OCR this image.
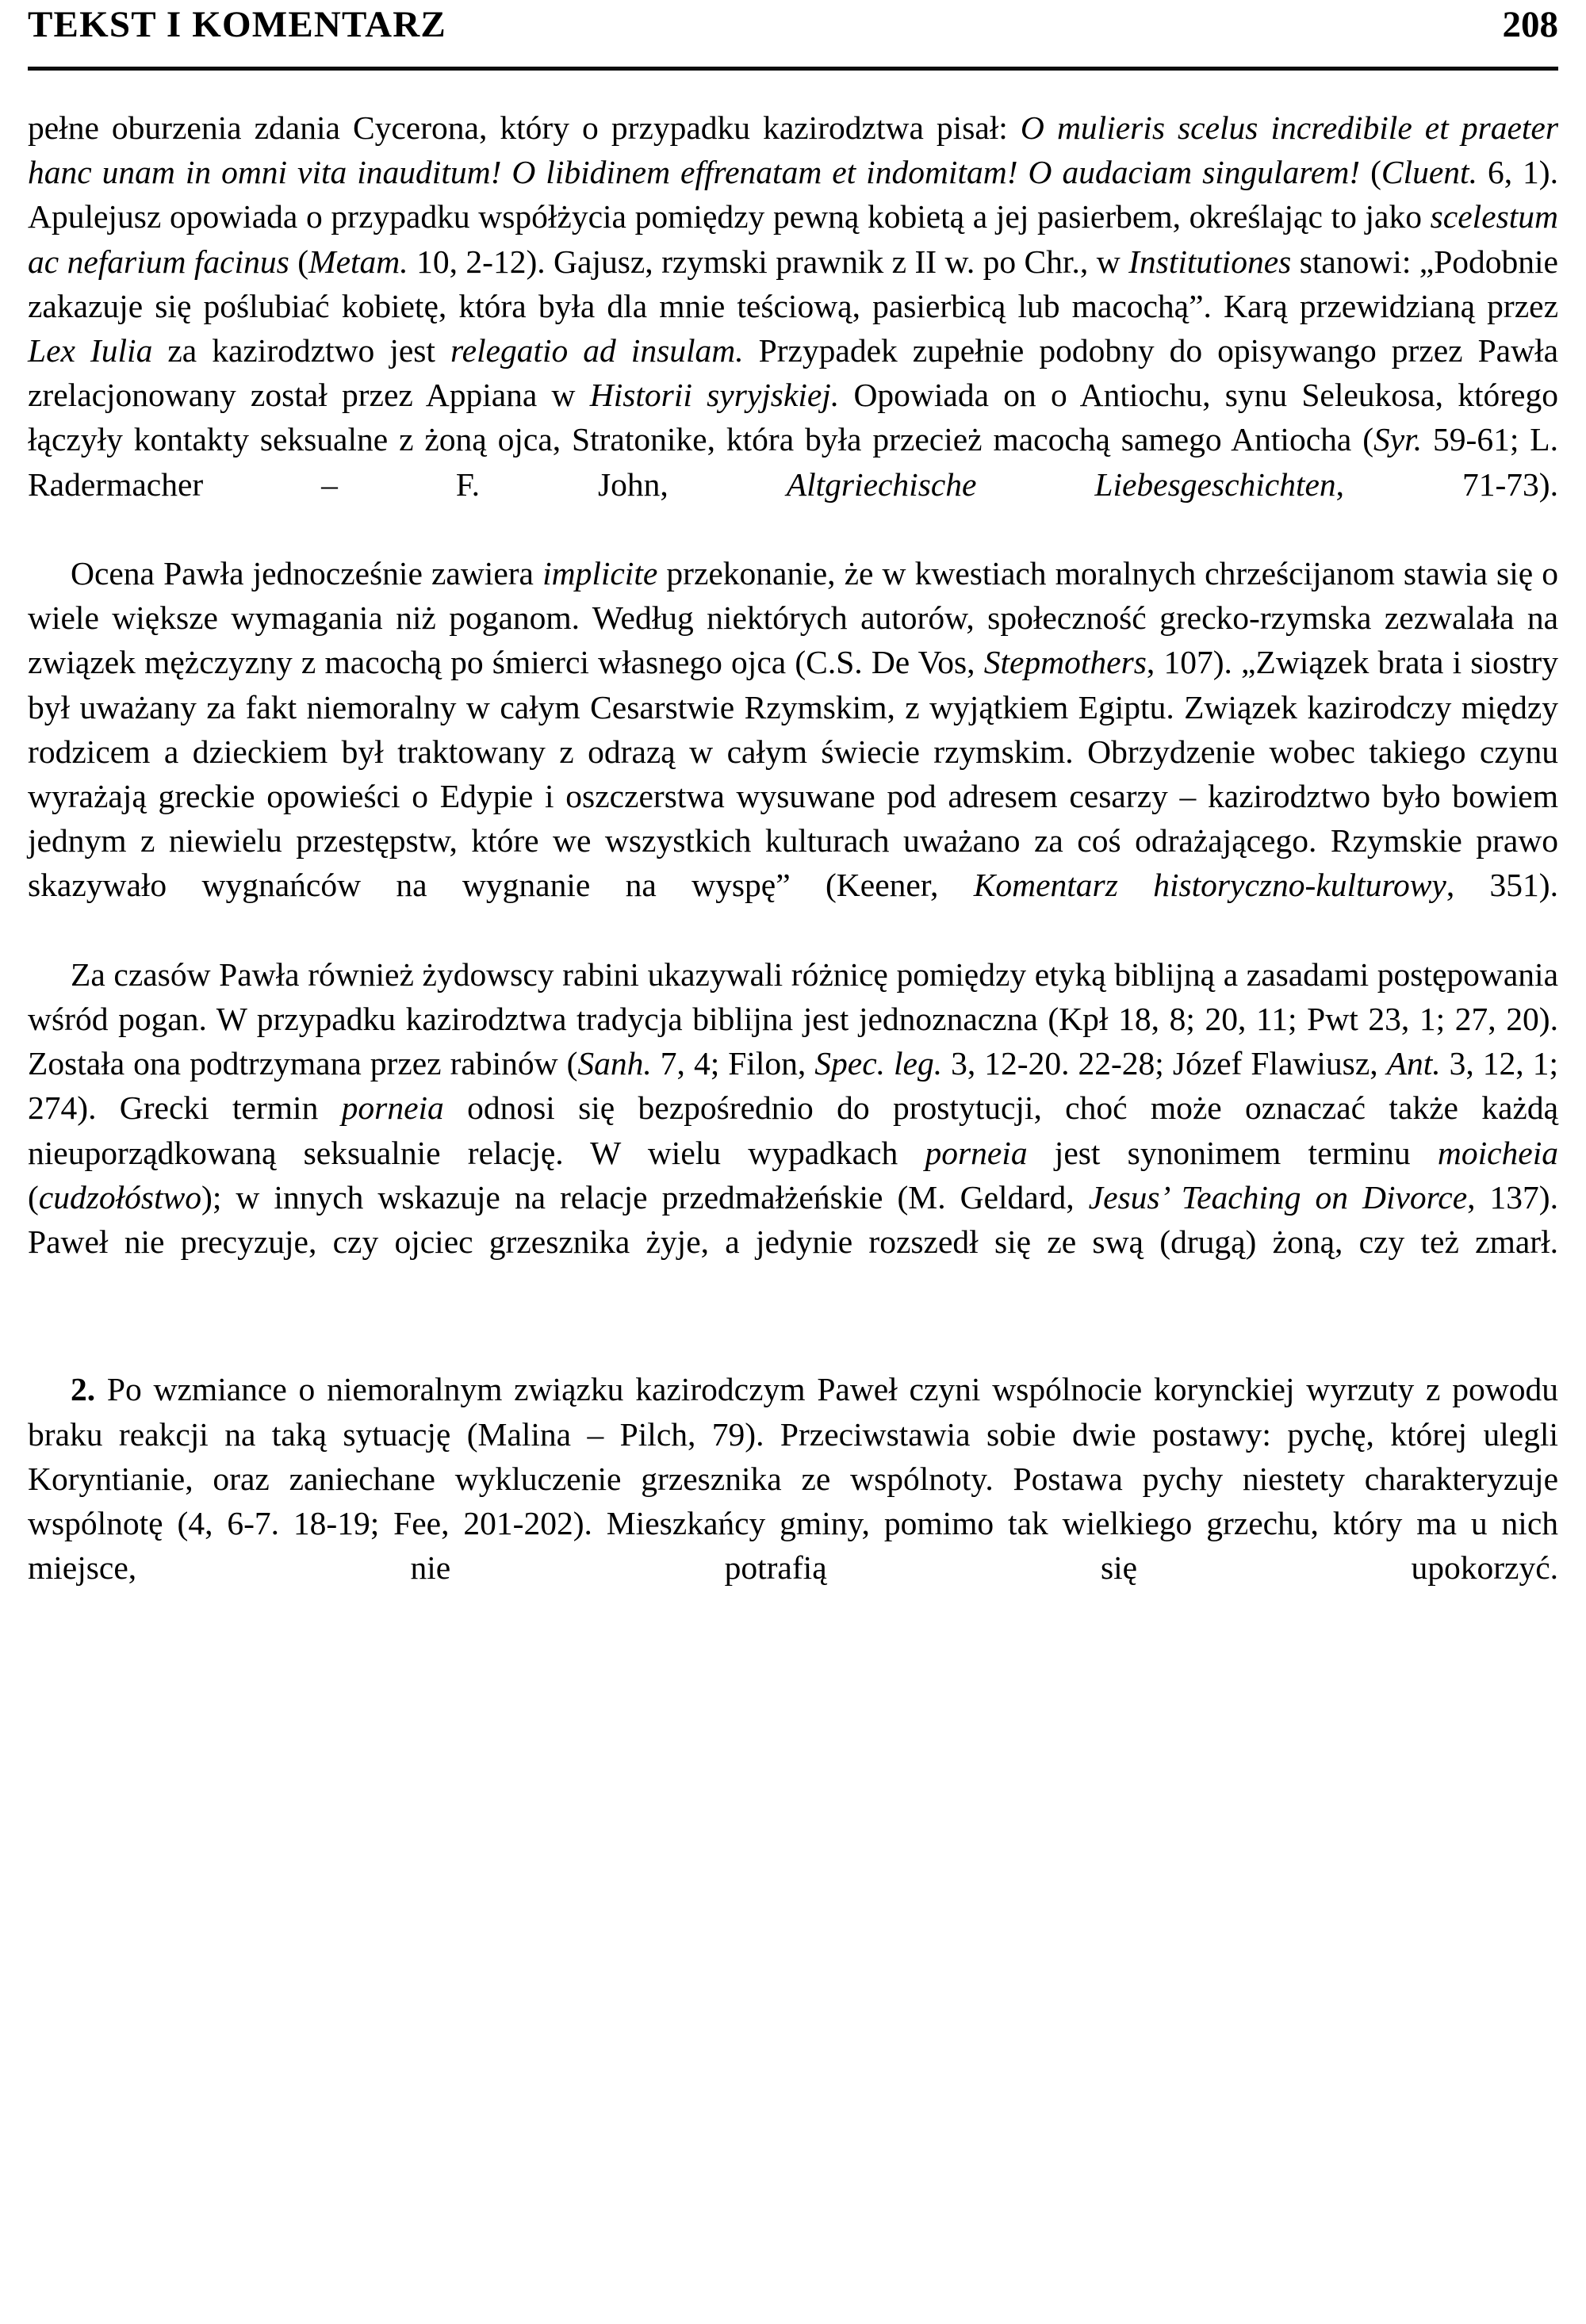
TEKST I KOMENTARZ	208

pełne oburzenia zdania Cycerona, który o przypadku kazirodztwa pisał: O mulieris scelus incredibile et praeter hanc unam in omni vita inauditum! O libidinem effrenatam et indomitam! O audaciam singularem! (Cluent. 6, 1). Apulejusz opowiada o przypadku współżycia pomiędzy pewną kobietą a jej pasierbem, określając to jako scelestum ac nefarium facinus (Metam. 10, 2-12). Gajusz, rzymski prawnik z II w. po Chr., w Institutiones stanowi: „Podobnie zakazuje się poślubiać kobietę, która była dla mnie teściową, pasierbicą lub macochą”. Karą przewidzianą przez Lex Iulia za kazirodztwo jest relegatio ad insulam. Przypadek zupełnie podobny do opisywango przez Pawła zrelacjonowany został przez Appiana w Historii syryjskiej. Opowiada on o Antiochu, synu Seleukosa, którego łączyły kontakty seksualne z żoną ojca, Stratonike, która była przecież macochą samego Antiocha (Syr. 59-61; L. Radermacher – F. John, Altgriechische Liebesgeschichten, 71-73).

Ocena Pawła jednocześnie zawiera implicite przekonanie, że w kwestiach moralnych chrześcijanom stawia się o wiele większe wymagania niż poganom. Według niektórych autorów, społeczność grecko-rzymska zezwalała na związek mężczyzny z macochą po śmierci własnego ojca (C.S. De Vos, Stepmothers, 107). „Związek brata i siostry był uważany za fakt niemoralny w całym Cesarstwie Rzymskim, z wyjątkiem Egiptu. Związek kazirodczy między rodzicem a dzieckiem był traktowany z odrazą w całym świecie rzymskim. Obrzydzenie wobec takiego czynu wyrażają greckie opowieści o Edypie i oszczerstwa wysuwane pod adresem cesarzy – kazirodztwo było bowiem jednym z niewielu przestępstw, które we wszystkich kulturach uważano za coś odrażającego. Rzymskie prawo skazywało wygnańców na wygnanie na wyspę” (Keener, Komentarz historyczno-kulturowy, 351).

Za czasów Pawła również żydowscy rabini ukazywali różnicę pomiędzy etyką biblijną a zasadami postępowania wśród pogan. W przypadku kazirodztwa tradycja biblijna jest jednoznaczna (Kpł 18, 8; 20, 11; Pwt 23, 1; 27, 20). Została ona podtrzymana przez rabinów (Sanh. 7, 4; Filon, Spec. leg. 3, 12-20. 22-28; Józef Flawiusz, Ant. 3, 12, 1; 274). Grecki termin porneia odnosi się bezpośrednio do prostytucji, choć może oznaczać także każdą nieuporządkowaną seksualnie relację. W wielu wypadkach porneia jest synonimem terminu moicheia (cudzołóstwo); w innych wskazuje na relacje przedmałżeńskie (M. Geldard, Jesus’ Teaching on Divorce, 137). Paweł nie precyzuje, czy ojciec grzesznika żyje, a jedynie rozszedł się ze swą (drugą) żoną, czy też zmarł.

2. Po wzmiance o niemoralnym związku kazirodczym Paweł czyni wspólnocie korynckiej wyrzuty z powodu braku reakcji na taką sytuację (Malina – Pilch, 79). Przeciwstawia sobie dwie postawy: pychę, której ulegli Koryntianie, oraz zaniechane wykluczenie grzesznika ze wspólnoty. Postawa pychy niestety charakteryzuje wspólnotę (4, 6-7. 18-19; Fee, 201-202). Mieszkańcy gminy, pomimo tak wielkiego grzechu, który ma u nich miejsce, nie potrafią się upokorzyć.
